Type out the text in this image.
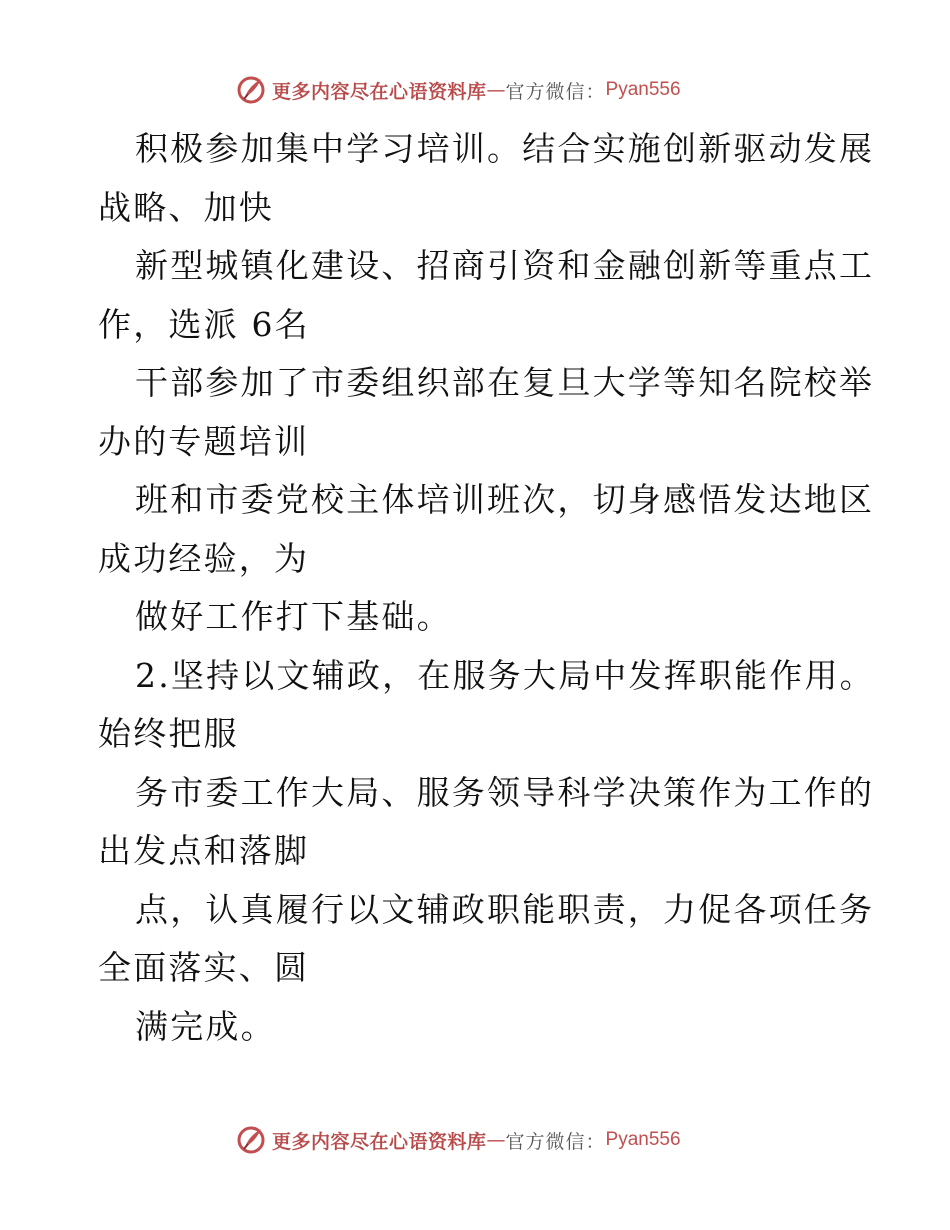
更多内容尽在心语资料库 — 官方微信： Pyan556
积极参加集中学习培训。结合实施创新驱动发展
战略、加快
新型城镇化建设、招商引资和金融创新等重点工
作，选派 6名
干部参加了市委组织部在复旦大学等知名院校举
办的专题培训
班和市委党校主体培训班次，切身感悟发达地区
成功经验，为
做好工作打下基础。
2.坚持以文辅政，在服务大局中发挥职能作用。
始终把服
务市委工作大局、服务领导科学决策作为工作的
出发点和落脚
点，认真履行以文辅政职能职责，力促各项任务
全面落实、圆
满完成。
更多内容尽在心语资料库 — 官方微信： Pyan556
